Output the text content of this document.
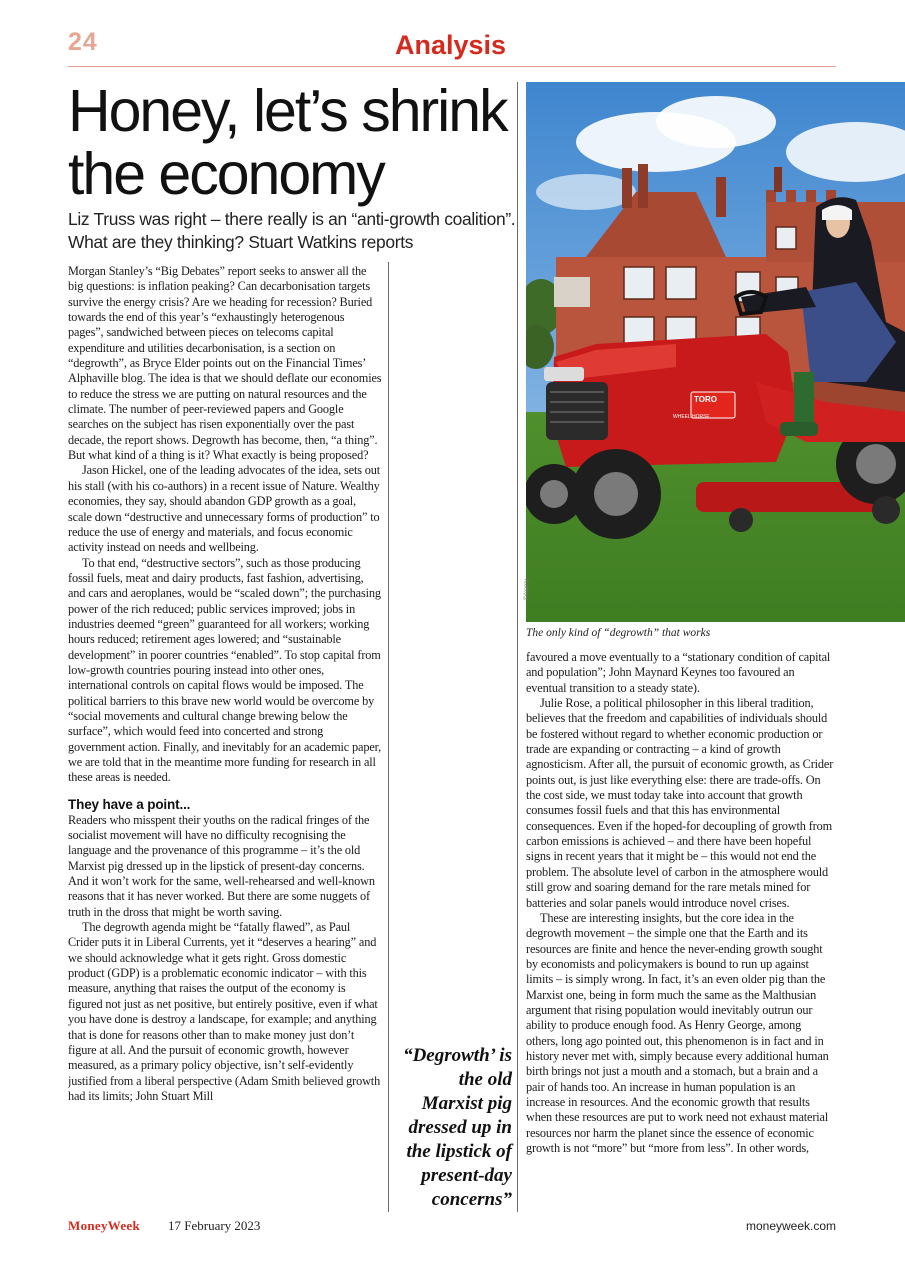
24	Analysis
Honey, let’s shrink the economy

Liz Truss was right – there really is an “anti-growth coalition”. What are they thinking? Stuart Watkins reports

Morgan Stanley’s “Big Debates” report seeks to answer all the big questions: is inflation peaking? Can decarbonisation targets survive the energy crisis? Are we heading for recession? Buried towards the end of this year’s “exhaustingly heterogenous pages”, sandwiched between pieces on telecoms capital expenditure and utilities decarbonisation, is a section on “degrowth”, as Bryce Elder points out on the Financial Times’ Alphaville blog. The idea is that we should deflate our economies to reduce the stress we are putting on natural resources and the climate. The number of peer-reviewed papers and Google searches on the subject has risen exponentially over the past decade, the report shows. Degrowth has become, then, “a thing”. But what kind of a thing is it? What exactly is being proposed?

Jason Hickel, one of the leading advocates of the idea, sets out his stall (with his co-authors) in a recent issue of Nature. Wealthy economies, they say, should abandon GDP growth as a goal, scale down “destructive and unnecessary forms of production” to reduce the use of energy and materials, and focus economic activity instead on needs and wellbeing.

To that end, “destructive sectors”, such as those producing fossil fuels, meat and dairy products, fast fashion, advertising, and cars and aeroplanes, would be “scaled down”; the purchasing power of the rich reduced; public services improved; jobs in industries deemed “green” guaranteed for all workers; working hours reduced; retirement ages lowered; and “sustainable development” in poorer countries “enabled”. To stop capital from low-growth countries pouring instead into other ones, international controls on capital flows would be imposed. The political barriers to this brave new world would be overcome by “social movements and cultural change brewing below the surface”, which would feed into concerted and strong government action. Finally, and inevitably for an academic paper, we are told that in the meantime more funding for research in all these areas is needed.

They have a point...

Readers who misspent their youths on the radical fringes of the socialist movement will have no difficulty recognising the language and the provenance of this programme – it’s the old Marxist pig dressed up in the lipstick of present-day concerns. And it won’t work for the same, well-rehearsed and well-known reasons that it has never worked. But there are some nuggets of truth in the dross that might be worth saving.

The degrowth agenda might be “fatally flawed”, as Paul Crider puts it in Liberal Currents, yet it “deserves a hearing” and we should acknowledge what it gets right. Gross domestic product (GDP) is a problematic economic indicator – with this measure, anything that raises the output of the economy is figured not just as net positive, but entirely positive, even if what you have done is destroy a landscape, for example; and anything that is done for reasons other than to make money just don’t figure at all. And the pursuit of economic growth, however measured, as a primary policy objective, isn’t self-evidently justified from a liberal perspective (Adam Smith believed growth had its limits; John Stuart Mill

“Degrowth’ is the old Marxist pig dressed up in the lipstick of present-day concerns”

TORO
WHEEL HORSE
©Alamy
The only kind of “degrowth” that works

favoured a move eventually to a “stationary condition of capital and population”; John Maynard Keynes too favoured an eventual transition to a steady state).

Julie Rose, a political philosopher in this liberal tradition, believes that the freedom and capabilities of individuals should be fostered without regard to whether economic production or trade are expanding or contracting – a kind of growth agnosticism. After all, the pursuit of economic growth, as Crider points out, is just like everything else: there are trade-offs. On the cost side, we must today take into account that growth consumes fossil fuels and that this has environmental consequences. Even if the hoped-for decoupling of growth from carbon emissions is achieved – and there have been hopeful signs in recent years that it might be – this would not end the problem. The absolute level of carbon in the atmosphere would still grow and soaring demand for the rare metals mined for batteries and solar panels would introduce novel crises.

These are interesting insights, but the core idea in the degrowth movement – the simple one that the Earth and its resources are finite and hence the never-ending growth sought by economists and policymakers is bound to run up against limits – is simply wrong. In fact, it’s an even older pig than the Marxist one, being in form much the same as the Malthusian argument that rising population would inevitably outrun our ability to produce enough food. As Henry George, among others, long ago pointed out, this phenomenon is in fact and in history never met with, simply because every additional human birth brings not just a mouth and a stomach, but a brain and a pair of hands too. An increase in human population is an increase in resources. And the economic growth that results when these resources are put to work need not exhaust material resources nor harm the planet since the essence of economic growth is not “more” but “more from less”. In other words,

MoneyWeek 17 February 2023	moneyweek.com
